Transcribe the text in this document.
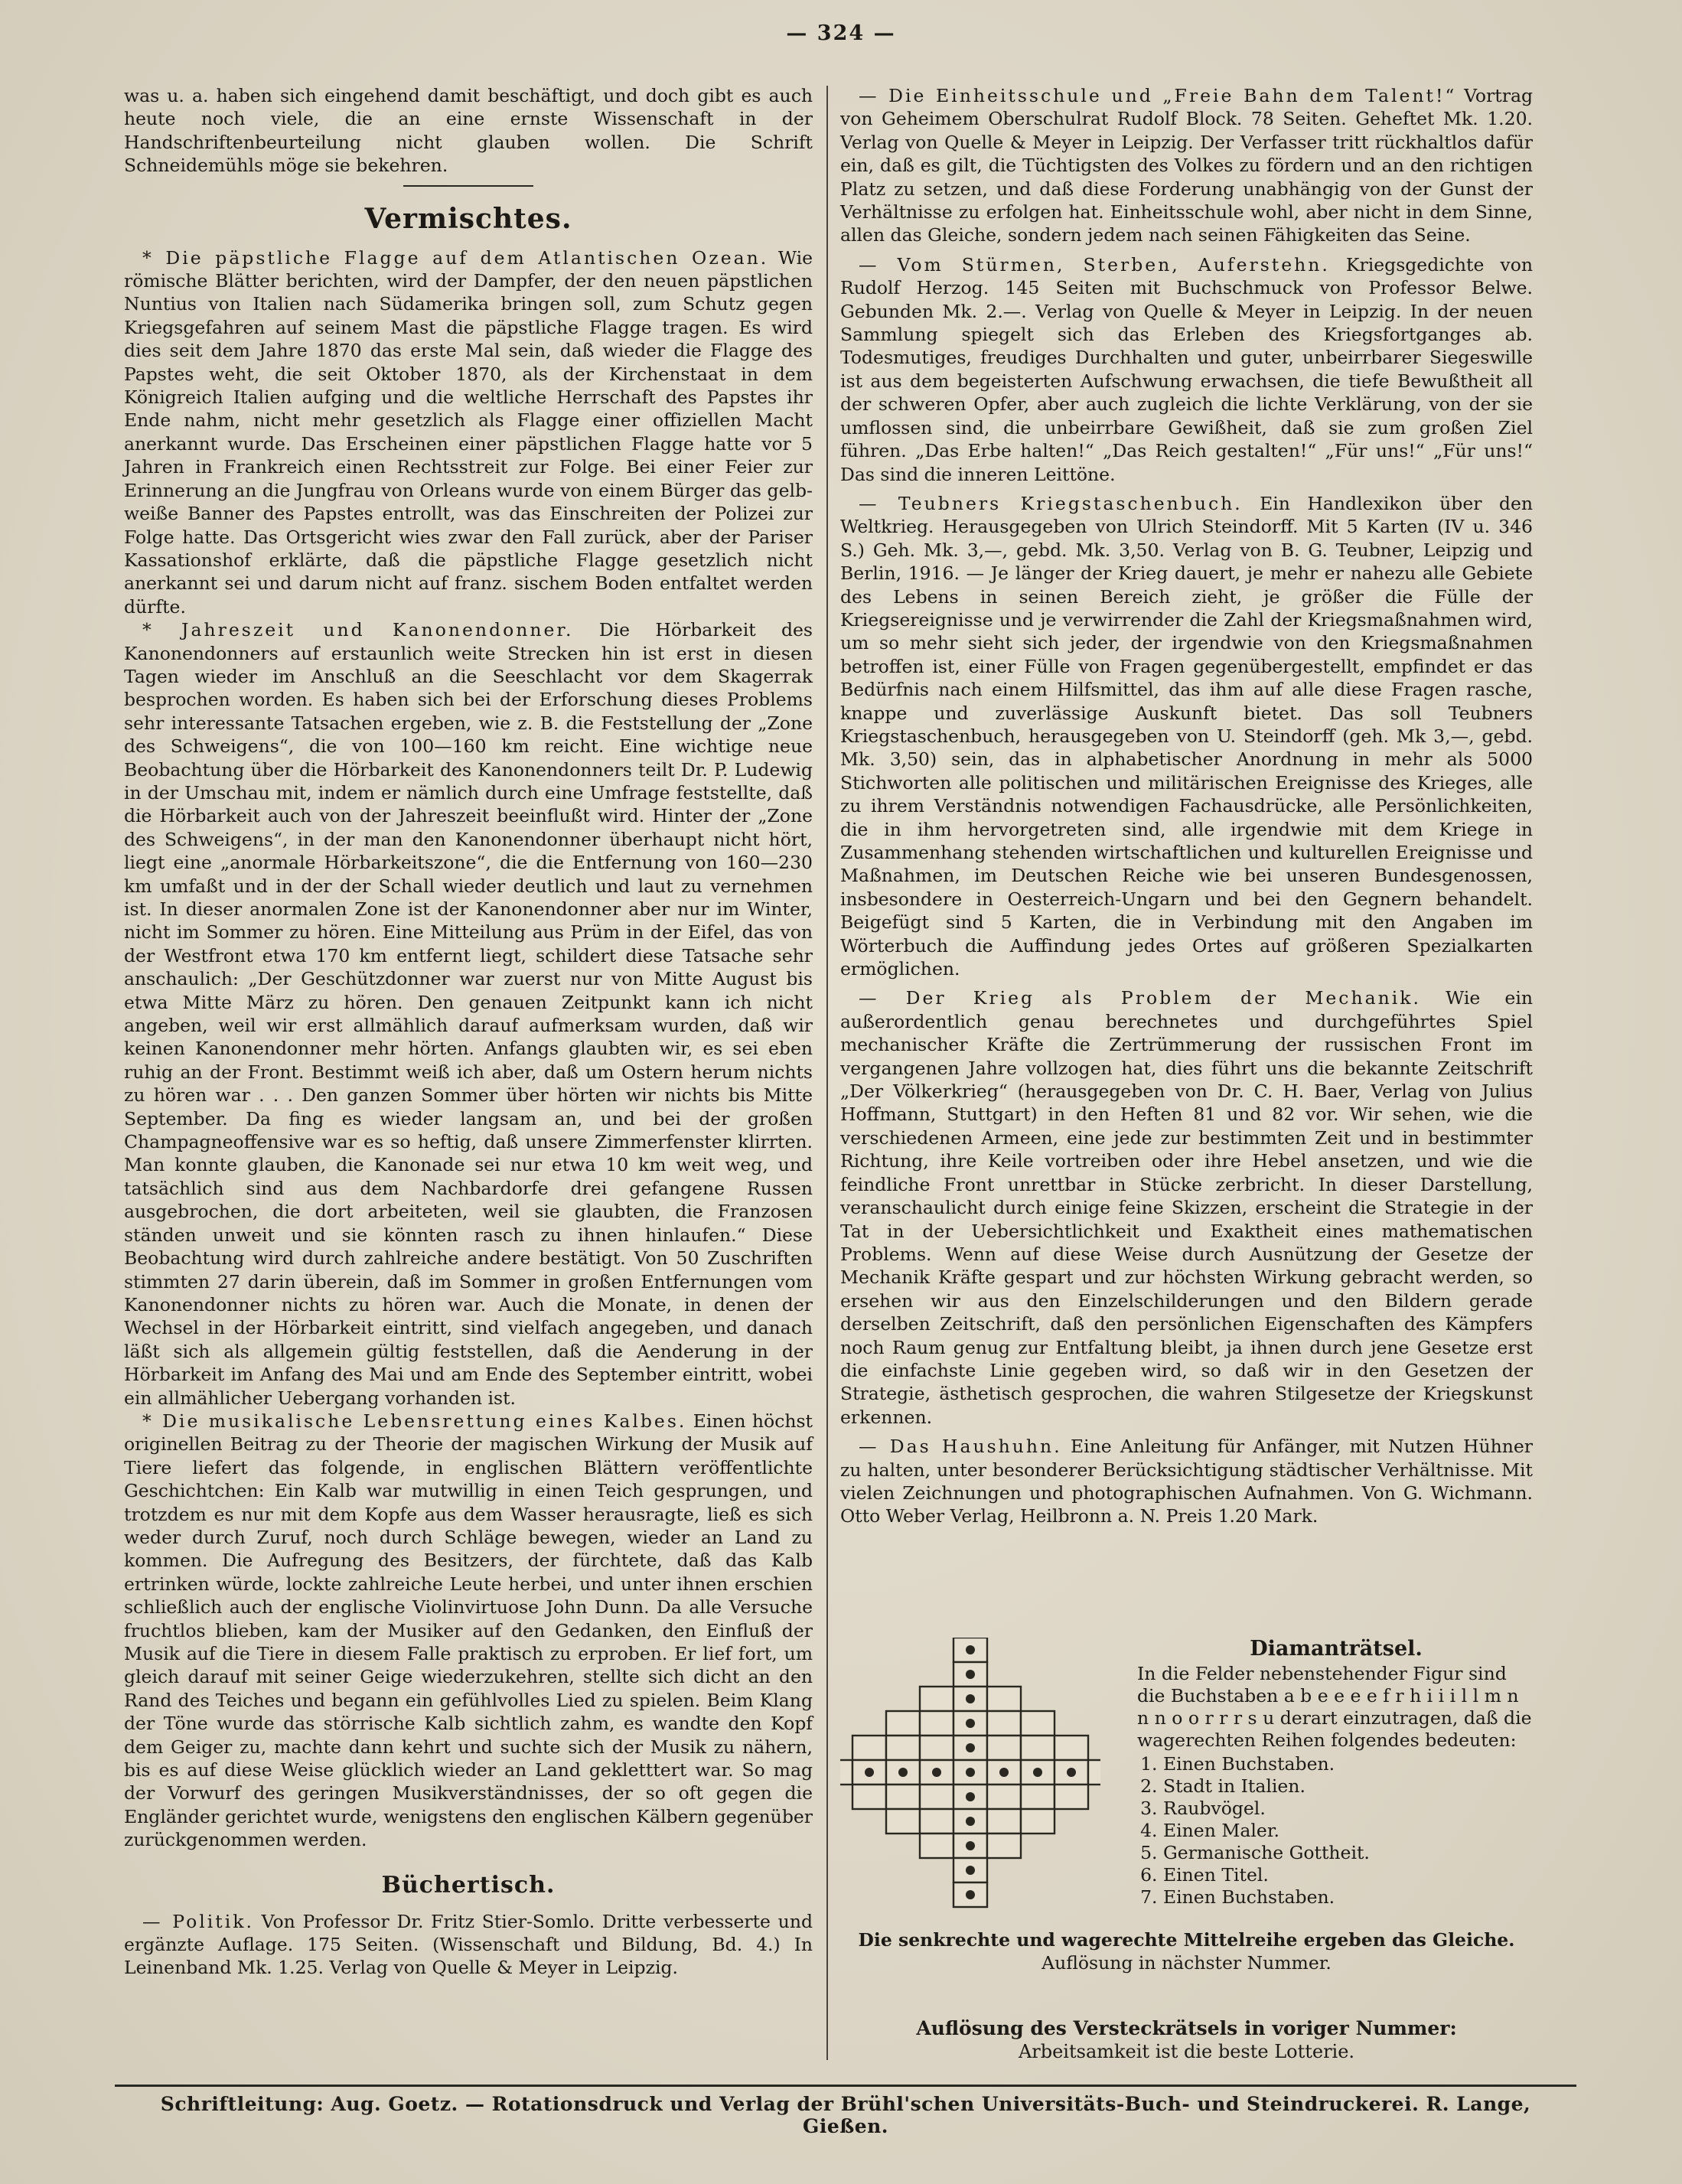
— 324 —

was u. a. haben sich eingehend damit beschäftigt, und doch gibt es auch heute noch viele, die an eine ernste Wissenschaft in der Handschriftenbeurteilung nicht glauben wollen. Die Schrift Schneidemühls möge sie bekehren.

Vermischtes.

* Die päpstliche Flagge auf dem Atlantischen Ozean. Wie römische Blätter berichten, wird der Dampfer, der den neuen päpstlichen Nuntius von Italien nach Südamerika bringen soll, zum Schutz gegen Kriegsgefahren auf seinem Mast die päpstliche Flagge tragen. Es wird dies seit dem Jahre 1870 das erste Mal sein, daß wieder die Flagge des Papstes weht, die seit Oktober 1870, als der Kirchenstaat in dem Königreich Italien aufging und die weltliche Herrschaft des Papstes ihr Ende nahm, nicht mehr gesetzlich als Flagge einer offiziellen Macht anerkannt wurde. Das Erscheinen einer päpstlichen Flagge hatte vor 5 Jahren in Frankreich einen Rechtsstreit zur Folge. Bei einer Feier zur Erinnerung an die Jungfrau von Orleans wurde von einem Bürger das gelb-weiße Banner des Papstes entrollt, was das Einschreiten der Polizei zur Folge hatte. Das Ortsgericht wies zwar den Fall zurück, aber der Pariser Kassationshof erklärte, daß die päpstliche Flagge gesetzlich nicht anerkannt sei und darum nicht auf franz. sischem Boden entfaltet werden dürfte.

* Jahreszeit und Kanonendonner. Die Hörbarkeit des Kanonendonners auf erstaunlich weite Strecken hin ist erst in diesen Tagen wieder im Anschluß an die Seeschlacht vor dem Skagerrak besprochen worden. Es haben sich bei der Erforschung dieses Problems sehr interessante Tatsachen ergeben, wie z. B. die Feststellung der „Zone des Schweigens“, die von 100—160 km reicht. Eine wichtige neue Beobachtung über die Hörbarkeit des Kanonendonners teilt Dr. P. Ludewig in der Umschau mit, indem er nämlich durch eine Umfrage feststellte, daß die Hörbarkeit auch von der Jahreszeit beeinflußt wird. Hinter der „Zone des Schweigens“, in der man den Kanonendonner überhaupt nicht hört, liegt eine „anormale Hörbarkeitszone“, die die Entfernung von 160—230 km umfaßt und in der der Schall wieder deutlich und laut zu vernehmen ist. In dieser anormalen Zone ist der Kanonendonner aber nur im Winter, nicht im Sommer zu hören. Eine Mitteilung aus Prüm in der Eifel, das von der Westfront etwa 170 km entfernt liegt, schildert diese Tatsache sehr anschaulich: „Der Geschützdonner war zuerst nur von Mitte August bis etwa Mitte März zu hören. Den genauen Zeitpunkt kann ich nicht angeben, weil wir erst allmählich darauf aufmerksam wurden, daß wir keinen Kanonendonner mehr hörten. Anfangs glaubten wir, es sei eben ruhig an der Front. Bestimmt weiß ich aber, daß um Ostern herum nichts zu hören war . . . Den ganzen Sommer über hörten wir nichts bis Mitte September. Da fing es wieder langsam an, und bei der großen Champagneoffensive war es so heftig, daß unsere Zimmerfenster klirrten. Man konnte glauben, die Kanonade sei nur etwa 10 km weit weg, und tatsächlich sind aus dem Nachbardorfe drei gefangene Russen ausgebrochen, die dort arbeiteten, weil sie glaubten, die Franzosen ständen unweit und sie könnten rasch zu ihnen hinlaufen.“ Diese Beobachtung wird durch zahlreiche andere bestätigt. Von 50 Zuschriften stimmten 27 darin überein, daß im Sommer in großen Entfernungen vom Kanonendonner nichts zu hören war. Auch die Monate, in denen der Wechsel in der Hörbarkeit eintritt, sind vielfach angegeben, und danach läßt sich als allgemein gültig feststellen, daß die Aenderung in der Hörbarkeit im Anfang des Mai und am Ende des September eintritt, wobei ein allmählicher Uebergang vorhanden ist.

* Die musikalische Lebensrettung eines Kalbes. Einen höchst originellen Beitrag zu der Theorie der magischen Wirkung der Musik auf Tiere liefert das folgende, in englischen Blättern veröffentlichte Geschichtchen: Ein Kalb war mutwillig in einen Teich gesprungen, und trotzdem es nur mit dem Kopfe aus dem Wasser herausragte, ließ es sich weder durch Zuruf, noch durch Schläge bewegen, wieder an Land zu kommen. Die Aufregung des Besitzers, der fürchtete, daß das Kalb ertrinken würde, lockte zahlreiche Leute herbei, und unter ihnen erschien schließlich auch der englische Violinvirtuose John Dunn. Da alle Versuche fruchtlos blieben, kam der Musiker auf den Gedanken, den Einfluß der Musik auf die Tiere in diesem Falle praktisch zu erproben. Er lief fort, um gleich darauf mit seiner Geige wiederzukehren, stellte sich dicht an den Rand des Teiches und begann ein gefühlvolles Lied zu spielen. Beim Klang der Töne wurde das störrische Kalb sichtlich zahm, es wandte den Kopf dem Geiger zu, machte dann kehrt und suchte sich der Musik zu nähern, bis es auf diese Weise glücklich wieder an Land gekletttert war. So mag der Vorwurf des geringen Musikverständnisses, der so oft gegen die Engländer gerichtet wurde, wenigstens den englischen Kälbern gegenüber zurückgenommen werden.

Büchertisch.

— Politik. Von Professor Dr. Fritz Stier-Somlo. Dritte verbesserte und ergänzte Auflage. 175 Seiten. (Wissenschaft und Bildung, Bd. 4.) In Leinenband Mk. 1.25. Verlag von Quelle & Meyer in Leipzig.

— Die Einheitsschule und „Freie Bahn dem Talent!“ Vortrag von Geheimem Oberschulrat Rudolf Block. 78 Seiten. Geheftet Mk. 1.20. Verlag von Quelle & Meyer in Leipzig. Der Verfasser tritt rückhaltlos dafür ein, daß es gilt, die Tüchtigsten des Volkes zu fördern und an den richtigen Platz zu setzen, und daß diese Forderung unabhängig von der Gunst der Verhältnisse zu erfolgen hat. Einheitsschule wohl, aber nicht in dem Sinne, allen das Gleiche, sondern jedem nach seinen Fähigkeiten das Seine.

— Vom Stürmen, Sterben, Auferstehn. Kriegsgedichte von Rudolf Herzog. 145 Seiten mit Buchschmuck von Professor Belwe. Gebunden Mk. 2.—. Verlag von Quelle & Meyer in Leipzig. In der neuen Sammlung spiegelt sich das Erleben des Kriegsfortganges ab. Todesmutiges, freudiges Durchhalten und guter, unbeirrbarer Siegeswille ist aus dem begeisterten Aufschwung erwachsen, die tiefe Bewußtheit all der schweren Opfer, aber auch zugleich die lichte Verklärung, von der sie umflossen sind, die unbeirrbare Gewißheit, daß sie zum großen Ziel führen. „Das Erbe halten!“ „Das Reich gestalten!“ „Für uns!“ „Für uns!“ Das sind die inneren Leittöne.

— Teubners Kriegstaschenbuch. Ein Handlexikon über den Weltkrieg. Herausgegeben von Ulrich Steindorff. Mit 5 Karten (IV u. 346 S.) Geh. Mk. 3,—, gebd. Mk. 3,50. Verlag von B. G. Teubner, Leipzig und Berlin, 1916. — Je länger der Krieg dauert, je mehr er nahezu alle Gebiete des Lebens in seinen Bereich zieht, je größer die Fülle der Kriegsereignisse und je verwirrender die Zahl der Kriegsmaßnahmen wird, um so mehr sieht sich jeder, der irgendwie von den Kriegsmaßnahmen betroffen ist, einer Fülle von Fragen gegenübergestellt, empfindet er das Bedürfnis nach einem Hilfsmittel, das ihm auf alle diese Fragen rasche, knappe und zuverlässige Auskunft bietet. Das soll Teubners Kriegstaschenbuch, herausgegeben von U. Steindorff (geh. Mk 3,—, gebd. Mk. 3,50) sein, das in alphabetischer Anordnung in mehr als 5000 Stichworten alle politischen und militärischen Ereignisse des Krieges, alle zu ihrem Verständnis notwendigen Fachausdrücke, alle Persönlichkeiten, die in ihm hervorgetreten sind, alle irgendwie mit dem Kriege in Zusammenhang stehenden wirtschaftlichen und kulturellen Ereignisse und Maßnahmen, im Deutschen Reiche wie bei unseren Bundesgenossen, insbesondere in Oesterreich-Ungarn und bei den Gegnern behandelt. Beigefügt sind 5 Karten, die in Verbindung mit den Angaben im Wörterbuch die Auffindung jedes Ortes auf größeren Spezialkarten ermöglichen.

— Der Krieg als Problem der Mechanik. Wie ein außerordentlich genau berechnetes und durchgeführtes Spiel mechanischer Kräfte die Zertrümmerung der russischen Front im vergangenen Jahre vollzogen hat, dies führt uns die bekannte Zeitschrift „Der Völkerkrieg“ (herausgegeben von Dr. C. H. Baer, Verlag von Julius Hoffmann, Stuttgart) in den Heften 81 und 82 vor. Wir sehen, wie die verschiedenen Armeen, eine jede zur bestimmten Zeit und in bestimmter Richtung, ihre Keile vortreiben oder ihre Hebel ansetzen, und wie die feindliche Front unrettbar in Stücke zerbricht. In dieser Darstellung, veranschaulicht durch einige feine Skizzen, erscheint die Strategie in der Tat in der Uebersichtlichkeit und Exaktheit eines mathematischen Problems. Wenn auf diese Weise durch Ausnützung der Gesetze der Mechanik Kräfte gespart und zur höchsten Wirkung gebracht werden, so ersehen wir aus den Einzelschilderungen und den Bildern gerade derselben Zeitschrift, daß den persönlichen Eigenschaften des Kämpfers noch Raum genug zur Entfaltung bleibt, ja ihnen durch jene Gesetze erst die einfachste Linie gegeben wird, so daß wir in den Gesetzen der Strategie, ästhetisch gesprochen, die wahren Stilgesetze der Kriegskunst erkennen.

— Das Haushuhn. Eine Anleitung für Anfänger, mit Nutzen Hühner zu halten, unter besonderer Berücksichtigung städtischer Verhältnisse. Mit vielen Zeichnungen und photographischen Aufnahmen. Von G. Wichmann. Otto Weber Verlag, Heilbronn a. N. Preis 1.20 Mark.

Diamanträtsel.
In die Felder nebenstehender Figur sind die Buchstaben a b e e e e f r h i i i l l m n n n o o r r r s u derart einzutragen, daß die wagerechten Reihen folgendes bedeuten:
1. Einen Buchstaben.
2. Stadt in Italien.
3. Raubvögel.
4. Einen Maler.
5. Germanische Gottheit.
6. Einen Titel.
7. Einen Buchstaben.
Die senkrechte und wagerechte Mittelreihe ergeben das Gleiche.
Auflösung in nächster Nummer.
Auflösung des Versteckrätsels in voriger Nummer:
Arbeitsamkeit ist die beste Lotterie.
Schriftleitung: Aug. Goetz. — Rotationsdruck und Verlag der Brühl'schen Universitäts-Buch- und Steindruckerei. R. Lange, Gießen.
